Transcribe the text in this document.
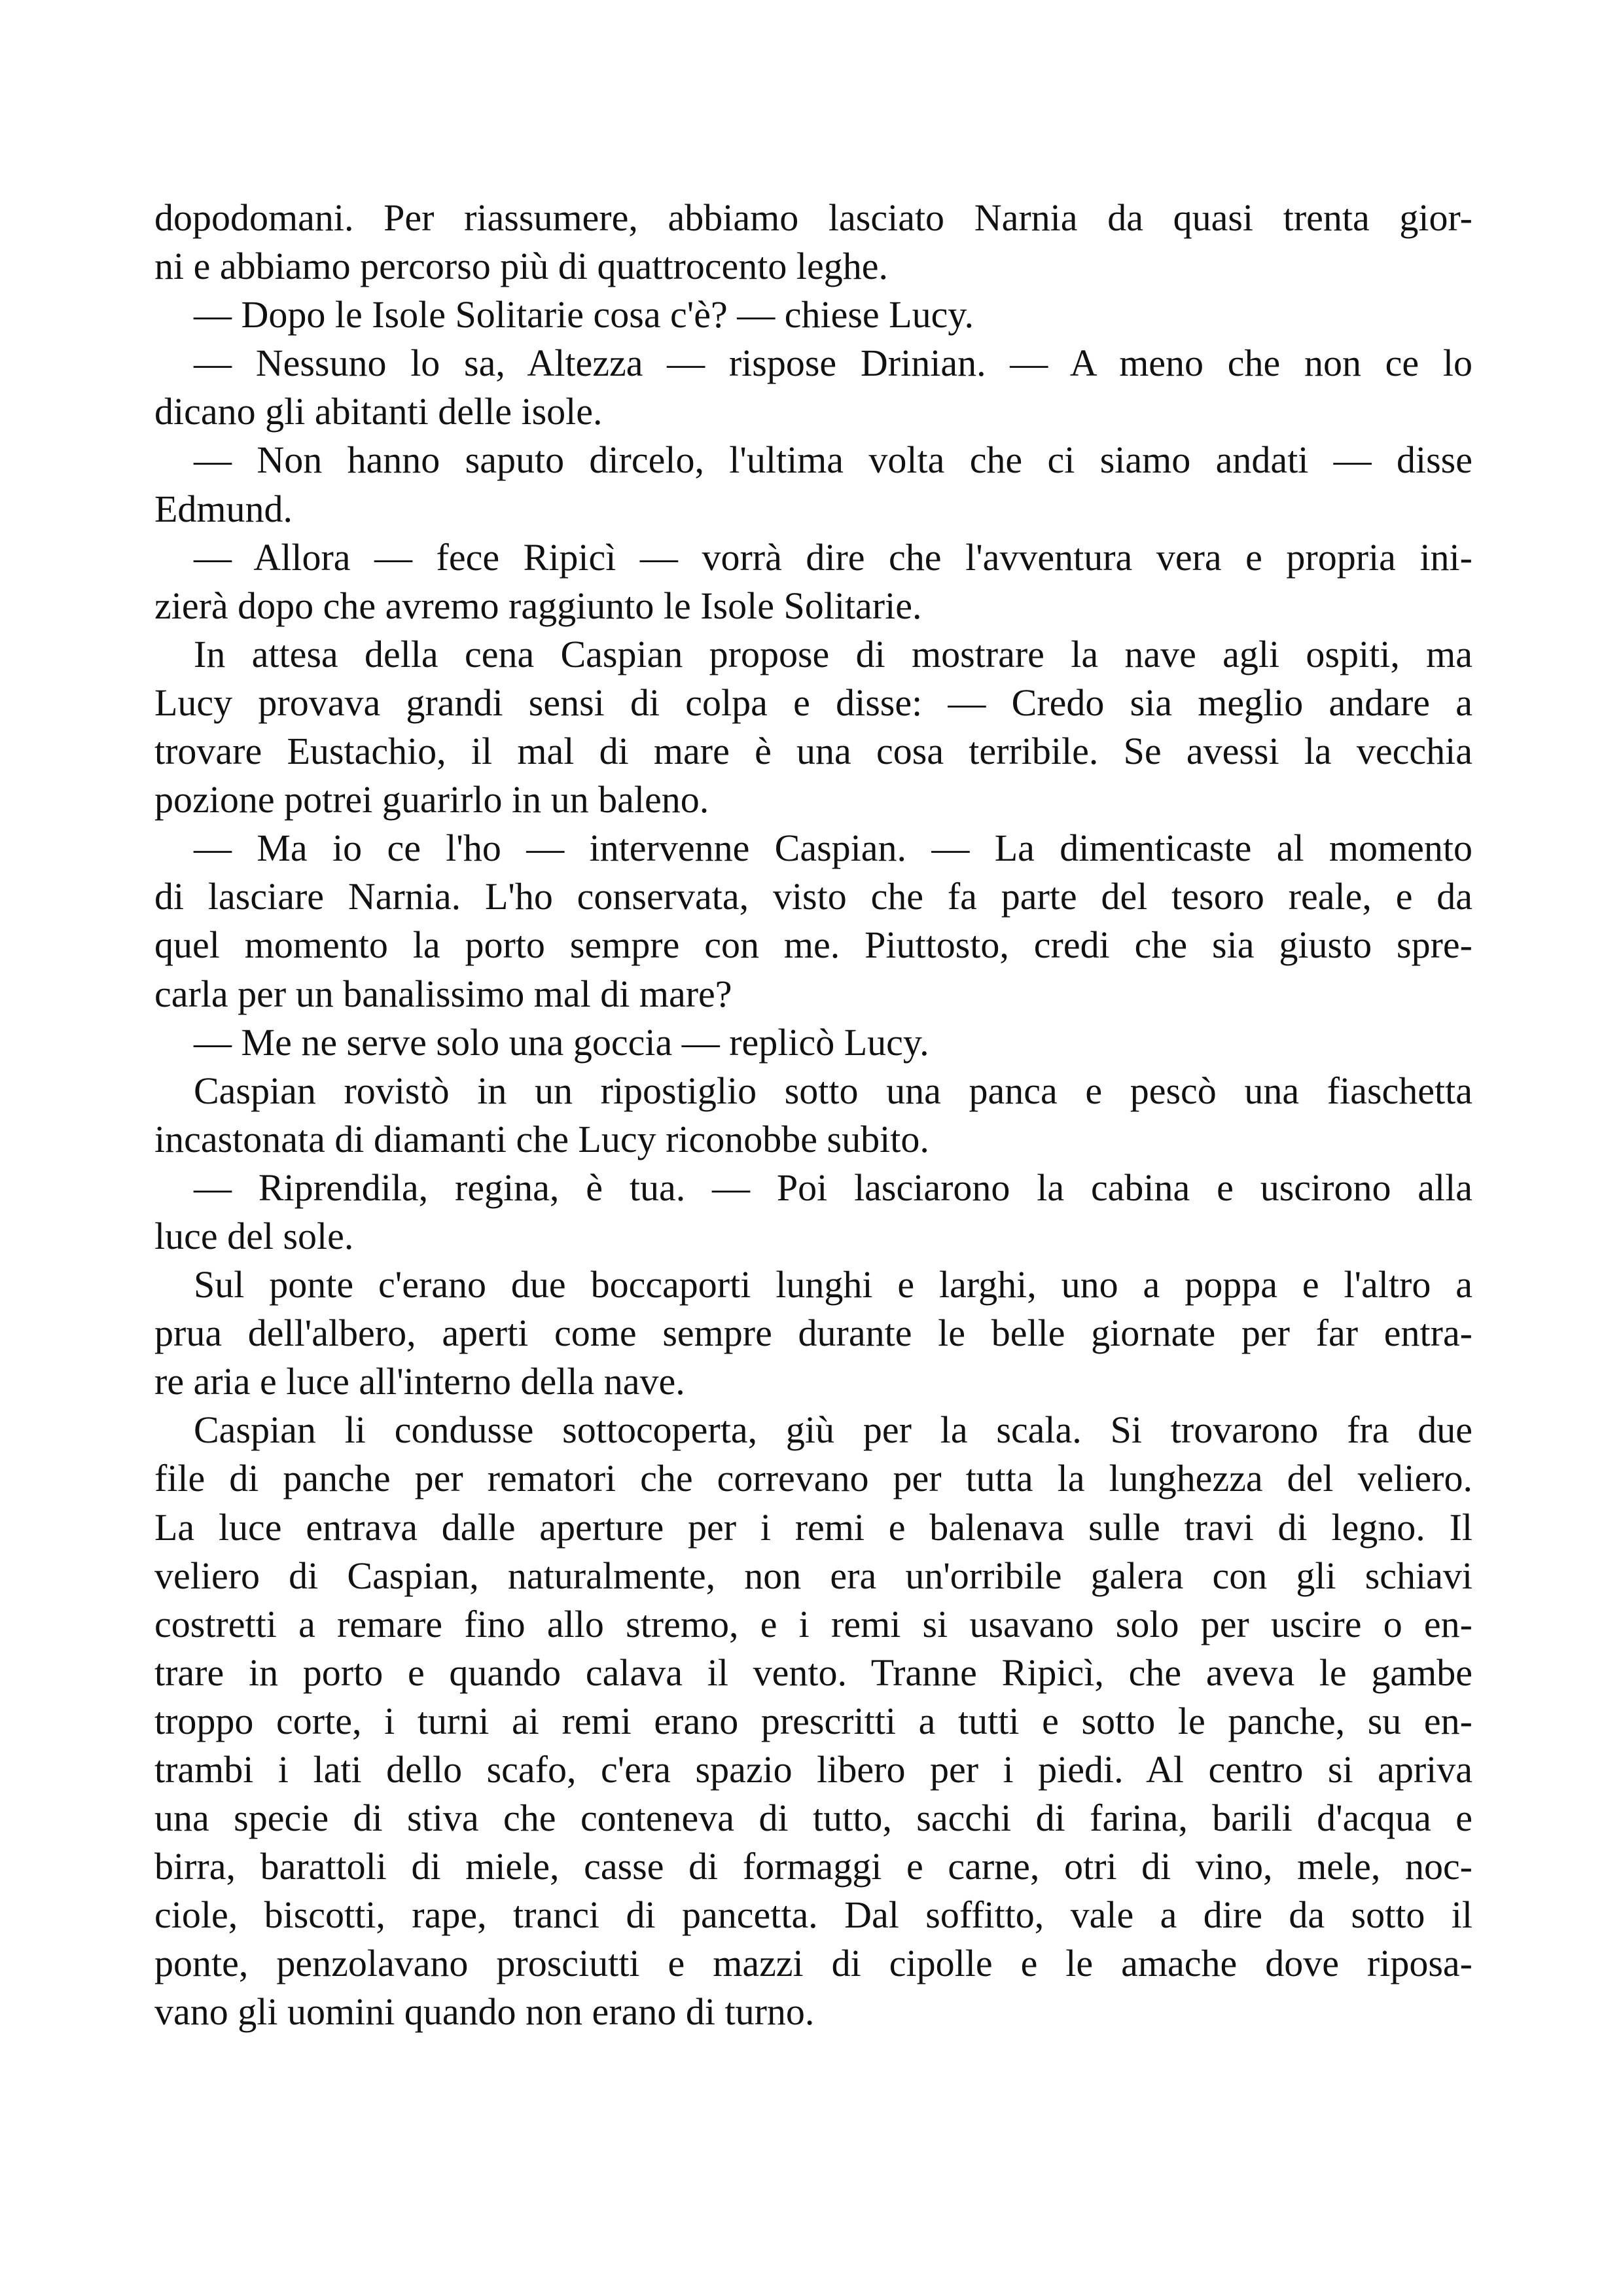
dopodomani. Per riassumere, abbiamo lasciato Narnia da quasi trenta gior-
ni e abbiamo percorso più di quattrocento leghe.
— Dopo le Isole Solitarie cosa c'è? — chiese Lucy.
— Nessuno lo sa, Altezza — rispose Drinian. — A meno che non ce lo
dicano gli abitanti delle isole.
— Non hanno saputo dircelo, l'ultima volta che ci siamo andati — disse
Edmund.
— Allora — fece Ripicì — vorrà dire che l'avventura vera e propria ini-
zierà dopo che avremo raggiunto le Isole Solitarie.
In attesa della cena Caspian propose di mostrare la nave agli ospiti, ma
Lucy provava grandi sensi di colpa e disse: — Credo sia meglio andare a
trovare Eustachio, il mal di mare è una cosa terribile. Se avessi la vecchia
pozione potrei guarirlo in un baleno.
— Ma io ce l'ho — intervenne Caspian. — La dimenticaste al momento
di lasciare Narnia. L'ho conservata, visto che fa parte del tesoro reale, e da
quel momento la porto sempre con me. Piuttosto, credi che sia giusto spre-
carla per un banalissimo mal di mare?
— Me ne serve solo una goccia — replicò Lucy.
Caspian rovistò in un ripostiglio sotto una panca e pescò una fiaschetta
incastonata di diamanti che Lucy riconobbe subito.
— Riprendila, regina, è tua. — Poi lasciarono la cabina e uscirono alla
luce del sole.
Sul ponte c'erano due boccaporti lunghi e larghi, uno a poppa e l'altro a
prua dell'albero, aperti come sempre durante le belle giornate per far entra-
re aria e luce all'interno della nave.
Caspian li condusse sottocoperta, giù per la scala. Si trovarono fra due
file di panche per rematori che correvano per tutta la lunghezza del veliero.
La luce entrava dalle aperture per i remi e balenava sulle travi di legno. Il
veliero di Caspian, naturalmente, non era un'orribile galera con gli schiavi
costretti a remare fino allo stremo, e i remi si usavano solo per uscire o en-
trare in porto e quando calava il vento. Tranne Ripicì, che aveva le gambe
troppo corte, i turni ai remi erano prescritti a tutti e sotto le panche, su en-
trambi i lati dello scafo, c'era spazio libero per i piedi. Al centro si apriva
una specie di stiva che conteneva di tutto, sacchi di farina, barili d'acqua e
birra, barattoli di miele, casse di formaggi e carne, otri di vino, mele, noc-
ciole, biscotti, rape, tranci di pancetta. Dal soffitto, vale a dire da sotto il
ponte, penzolavano prosciutti e mazzi di cipolle e le amache dove riposa-
vano gli uomini quando non erano di turno.
